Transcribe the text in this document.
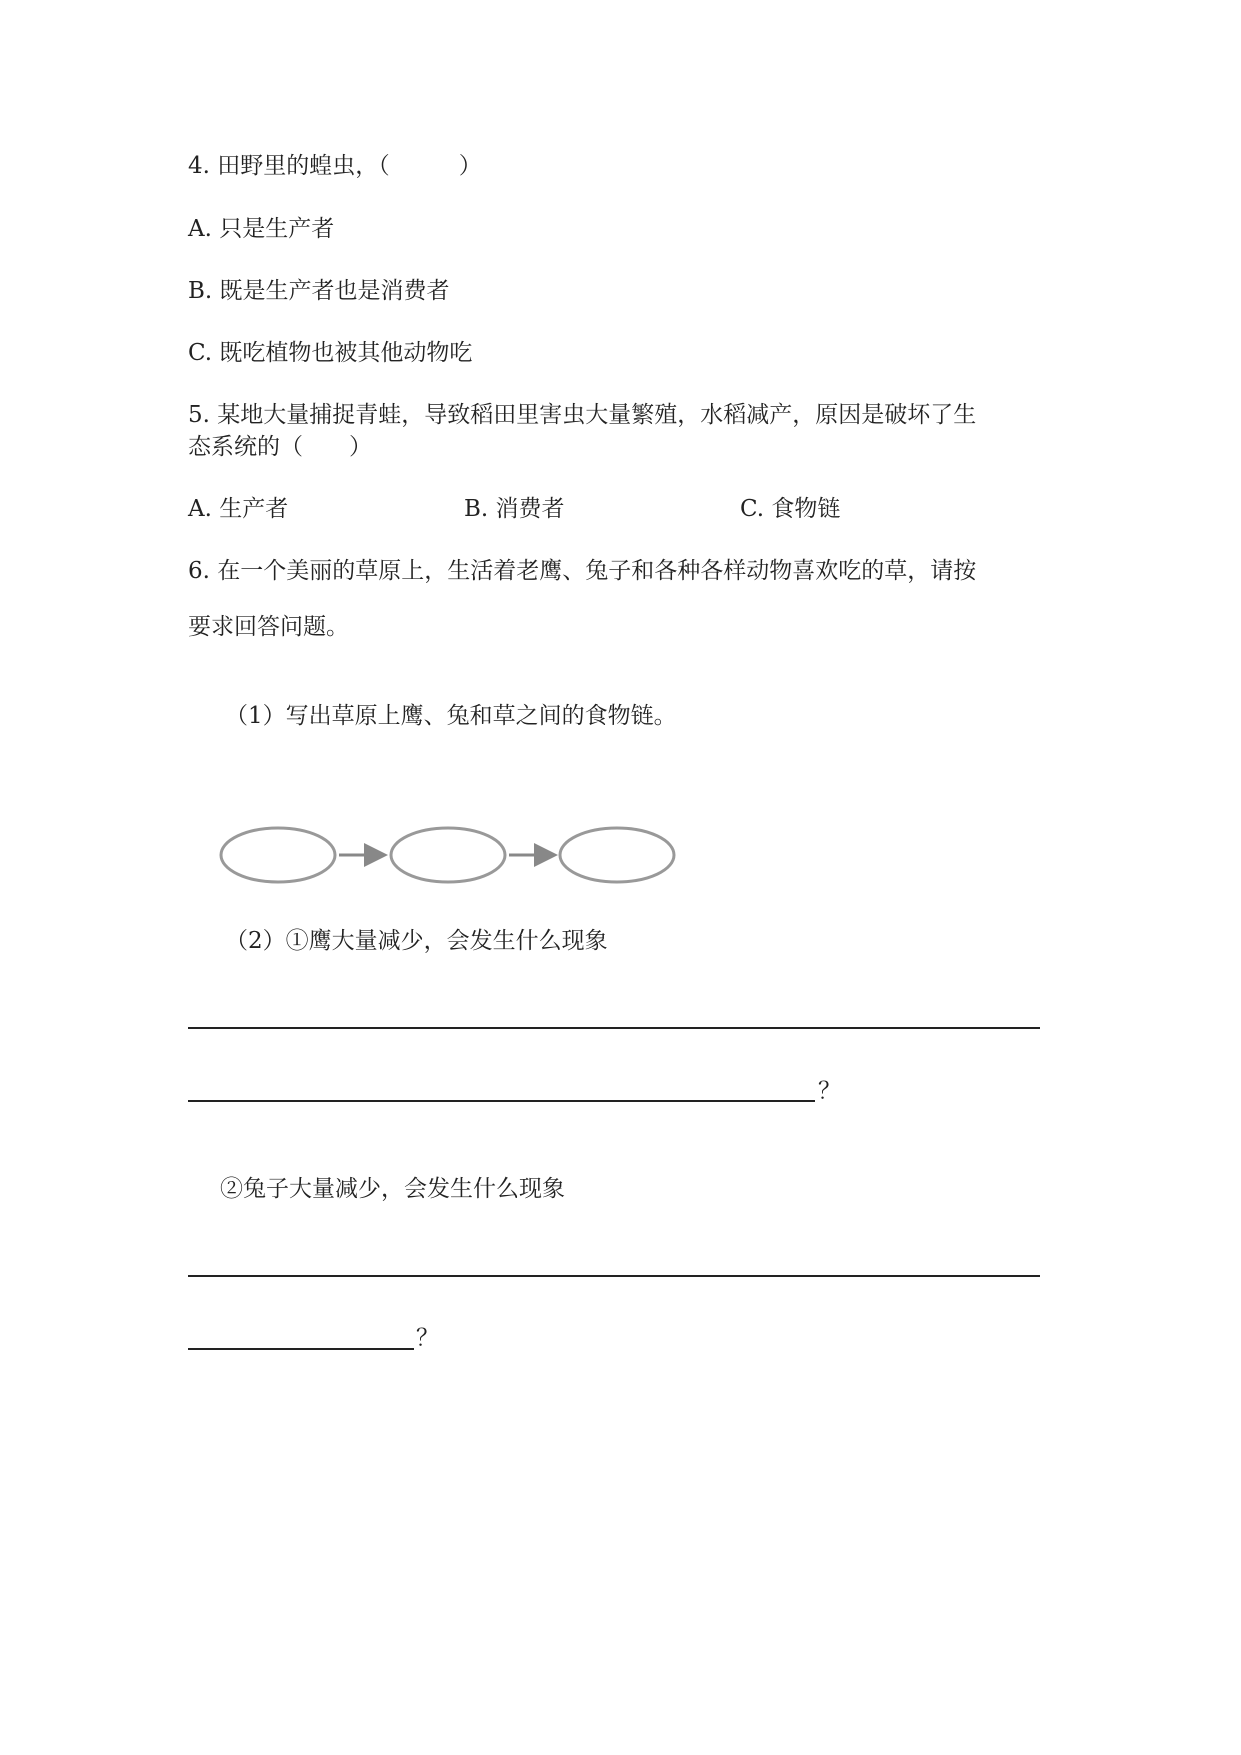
4. 田野里的蝗虫，（　　　）
A. 只是生产者
B. 既是生产者也是消费者
C. 既吃植物也被其他动物吃
5. 某地大量捕捉青蛙，导致稻田里害虫大量繁殖，水稻减产，原因是破坏了生
态系统的（　　）
A. 生产者	B. 消费者	C. 食物链
6. 在一个美丽的草原上，生活着老鹰、兔子和各种各样动物喜欢吃的草，请按
要求回答问题。
（1）写出草原上鹰、兔和草之间的食物链。
（2）①鹰大量减少，会发生什么现象
？
②兔子大量减少，会发生什么现象
？
